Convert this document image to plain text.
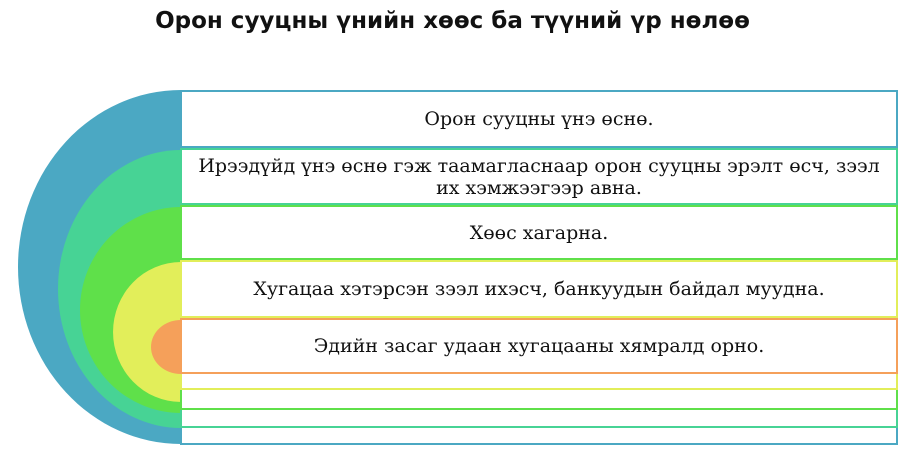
Орон сууцны үнийн хөөс ба түүний үр нөлөө
Орон сууцны үнэ өснө.
Ирээдүйд үнэ өснө гэж таамагласнаар орон сууцны эрэлт өсч, зээл их хэмжээгээр авна.
Хөөс хагарна.
Хугацаа хэтэрсэн зээл ихэсч, банкуудын байдал муудна.
Эдийн засаг удаан хугацааны хямралд орно.
